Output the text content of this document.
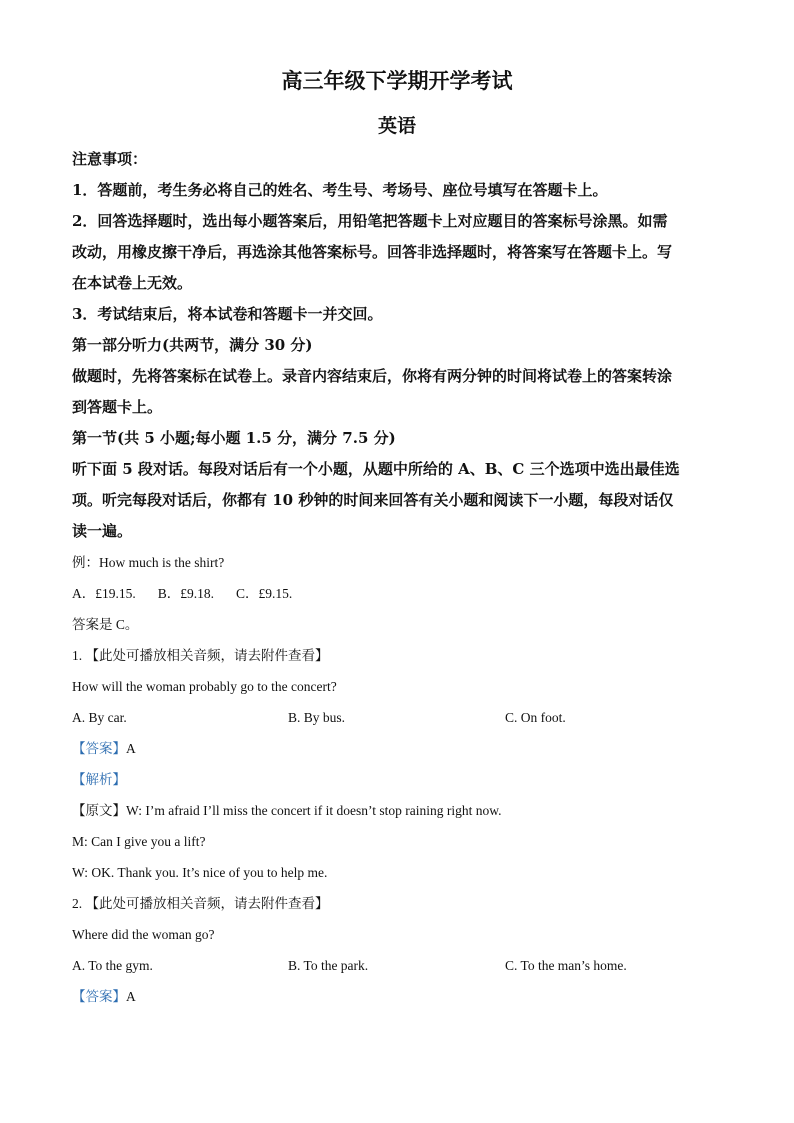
高三年级下学期开学考试

英语

注意事项：

1．答题前，考生务必将自己的姓名、考生号、考场号、座位号填写在答题卡上。

2．回答选择题时，选出每小题答案后，用铅笔把答题卡上对应题目的答案标号涂黑。如需

改动，用橡皮擦干净后，再选涂其他答案标号。回答非选择题时，将答案写在答题卡上。写

在本试卷上无效。

3．考试结束后，将本试卷和答题卡一并交回。

第一部分听力(共两节，满分 30 分)

做题时，先将答案标在试卷上。录音内容结束后，你将有两分钟的时间将试卷上的答案转涂

到答题卡上。

第一节(共 5 小题;每小题 1.5 分，满分 7.5 分)

听下面 5 段对话。每段对话后有一个小题，从题中所给的 A、B、C 三个选项中选出最佳选

项。听完每段对话后，你都有 10 秒钟的时间来回答有关小题和阅读下一小题，每段对话仅

读一遍。

例：How much is the shirt?

A．£19.15. B．£9.18. C．£9.15.

答案是 C。

1. 【此处可播放相关音频，请去附件查看】

How will the woman probably go to the concert?

A. By car.	B. By bus.	C. On foot.

【答案】A

【解析】

【原文】W: I’m afraid I’ll miss the concert if it doesn’t stop raining right now.

M: Can I give you a lift?

W: OK. Thank you. It’s nice of you to help me.

2. 【此处可播放相关音频，请去附件查看】

Where did the woman go?

A. To the gym.	B. To the park.	C. To the man’s home.

【答案】A
